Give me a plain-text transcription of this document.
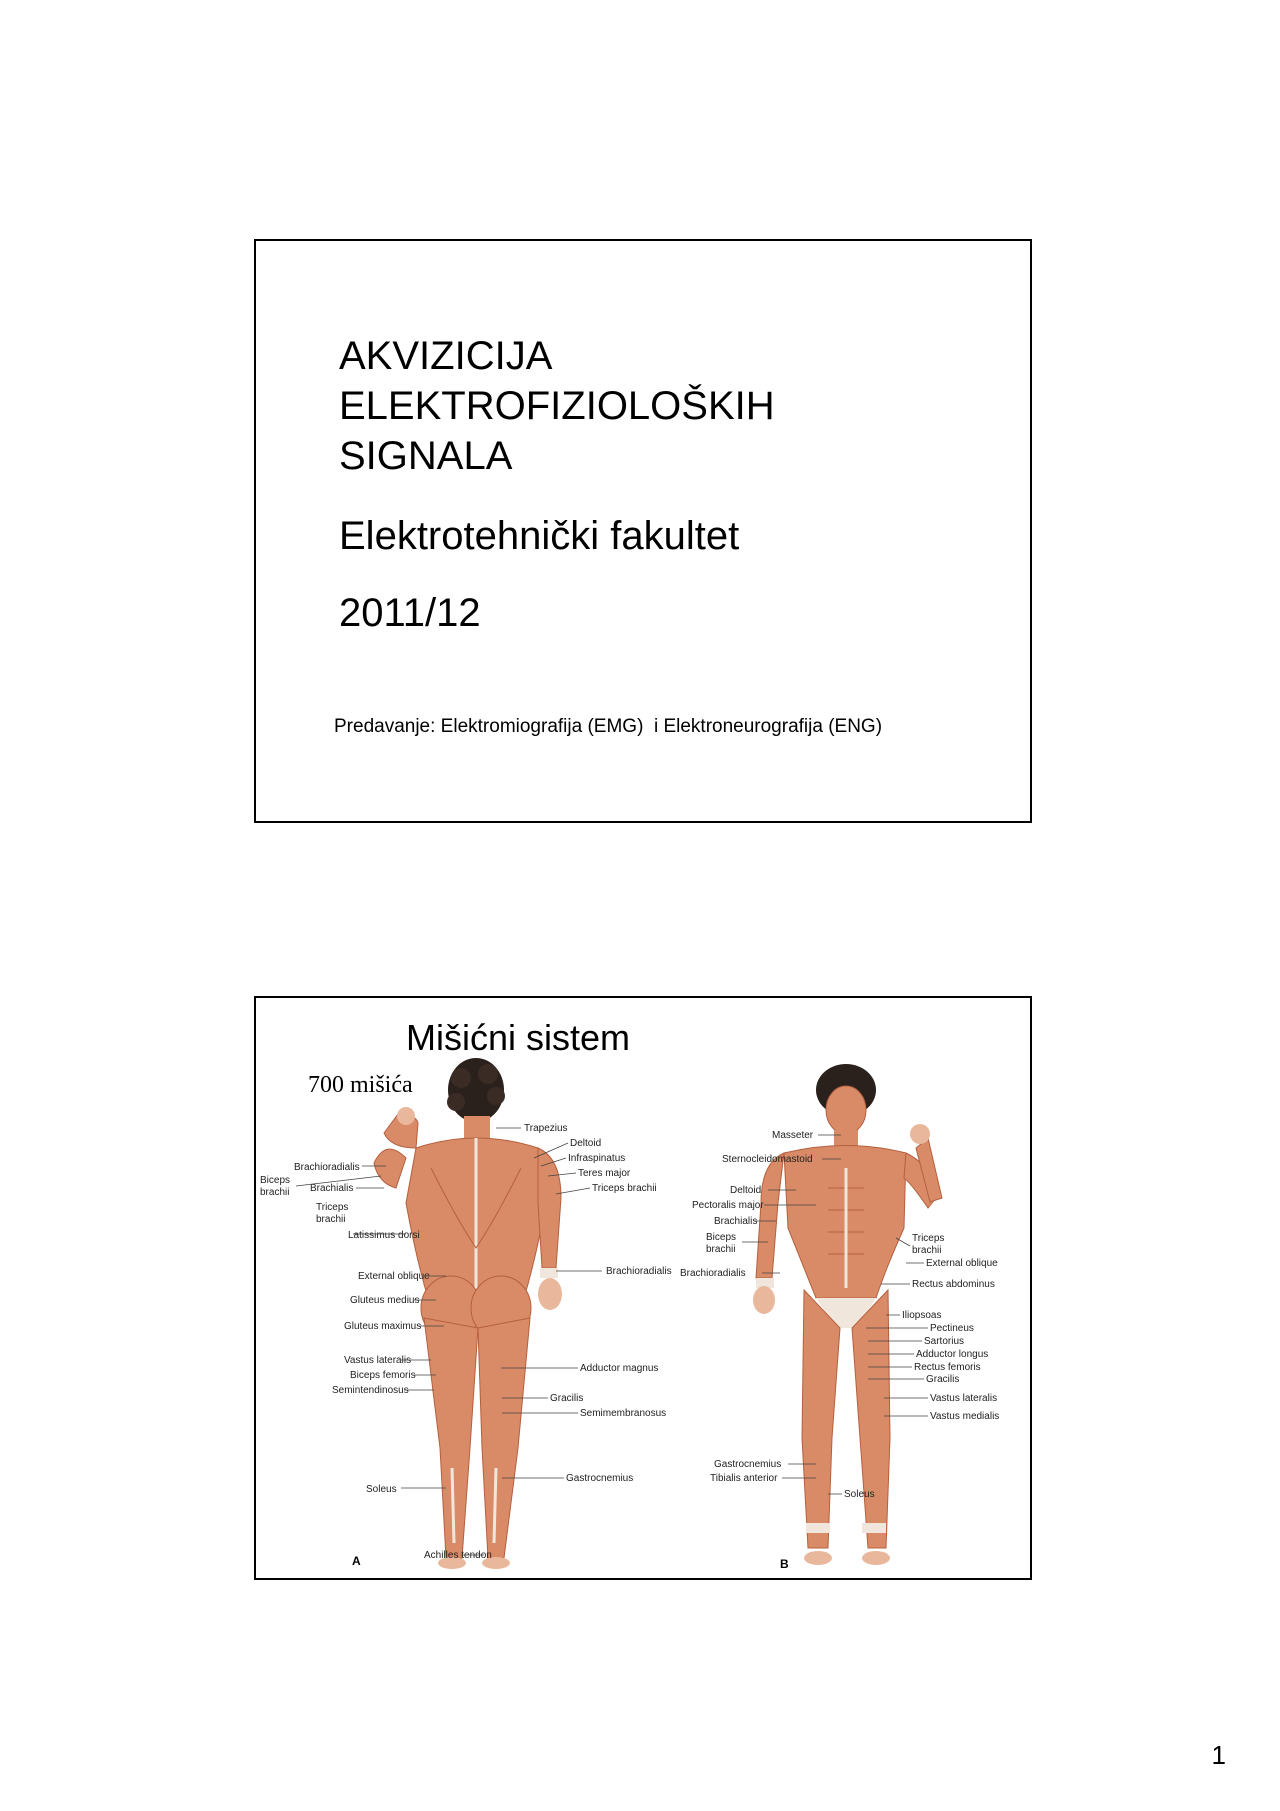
AKVIZICIJA
ELEKTROFIZIOLOŠKIH
SIGNALA
Elektrotehnički fakultet
2011/12
Predavanje: Elektromiografija (EMG)  i Elektroneurografija (ENG)
Trapezius
Deltoid
Infraspinatus
Teres major
Triceps brachii
Brachioradialis
Biceps
brachii Brachialis
Triceps
brachii
Latissimus dorsi
External oblique
Gluteus medius
Gluteus maximus
Brachioradialis
Vastus lateralis
Biceps femoris
Semintendinosus
Adductor magnus
Gracilis
Semimembranosus
Gastrocnemius
Soleus
Achilles tendon
A
Masseter
Sternocleidomastoid
Deltoid
Pectoralis major
Brachialis
Biceps
brachii
Brachioradialis
Triceps
brachii
External oblique
Rectus abdominus
Iliopsoas
Pectineus
Sartorius
Adductor longus
Rectus femoris
Gracilis
Vastus lateralis
Vastus medialis
Gastrocnemius
Tibialis anterior
Soleus
B
Mišićni sistem
700 mišića
1
